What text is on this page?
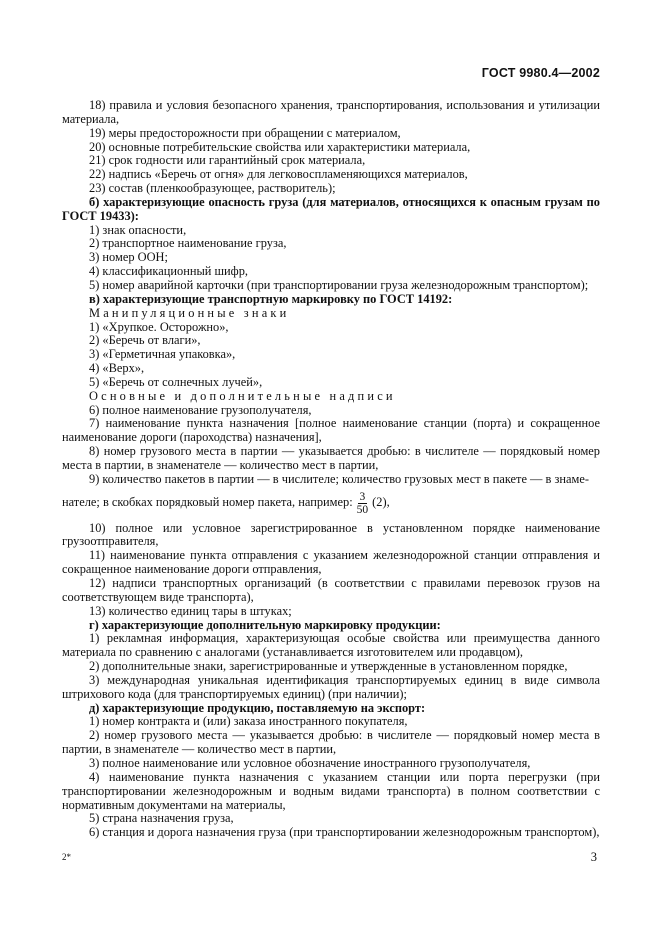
ГОСТ 9980.4—2002

18) правила и условия безопасного хранения, транспортирования, использования и утилизации материала,

19) меры предосторожности при обращении с материалом,

20) основные потребительские свойства или характеристики материала,

21) срок годности или гарантийный срок материала,

22) надпись «Беречь от огня» для легковоспламеняющихся материалов,

23) состав (пленкообразующее, растворитель);

б) характеризующие опасность груза (для материалов, относящихся к опасным грузам по ГОСТ 19433):

1) знак опасности,

2) транспортное наименование груза,

3) номер ООН;

4) классификационный шифр,

5) номер аварийной карточки (при транспортировании груза железнодорожным транспортом);

в) характеризующие транспортную маркировку по ГОСТ 14192:

Манипуляционные знаки

1) «Хрупкое. Осторожно»,

2) «Беречь от влаги»,

3) «Герметичная упаковка»,

4) «Верх»,

5) «Беречь от солнечных лучей»,

Основные и дополнительные надписи

6) полное наименование грузополучателя,

7) наименование пункта назначения [полное наименование станции (порта) и сокращенное наименование дороги (пароходства) назначения],

8) номер грузового места в партии — указывается дробью: в числителе — порядковый номер места в партии, в знаменателе — количество мест в партии,

9) количество пакетов в партии — в числителе; количество грузовых мест в пакете — в знаме-

нателе; в скобках порядковый номер пакета, например: $\frac{3}{50} (2)$,

10) полное или условное зарегистрированное в установленном порядке наименование грузоотправителя,

11) наименование пункта отправления с указанием железнодорожной станции отправления и сокращенное наименование дороги отправления,

12) надписи транспортных организаций (в соответствии с правилами перевозок грузов на соответствующем виде транспорта),

13) количество единиц тары в штуках;

г) характеризующие дополнительную маркировку продукции:

1) рекламная информация, характеризующая особые свойства или преимущества данного материала по сравнению с аналогами (устанавливается изготовителем или продавцом),

2) дополнительные знаки, зарегистрированные и утвержденные в установленном порядке,

3) международная уникальная идентификация транспортируемых единиц в виде символа штрихового кода (для транспортируемых единиц) (при наличии);

д) характеризующие продукцию, поставляемую на экспорт:

1) номер контракта и (или) заказа иностранного покупателя,

2) номер грузового места — указывается дробью: в числителе — порядковый номер места в партии, в знаменателе — количество мест в партии,

3) полное наименование или условное обозначение иностранного грузополучателя,

4) наименование пункта назначения с указанием станции или порта перегрузки (при транспортировании железнодорожным и водным видами транспорта) в полном соответствии с нормативным документами на материалы,

5) страна назначения груза,

6) станция и дорога назначения груза (при транспортировании железнодорожным транспортом),

2*	3
